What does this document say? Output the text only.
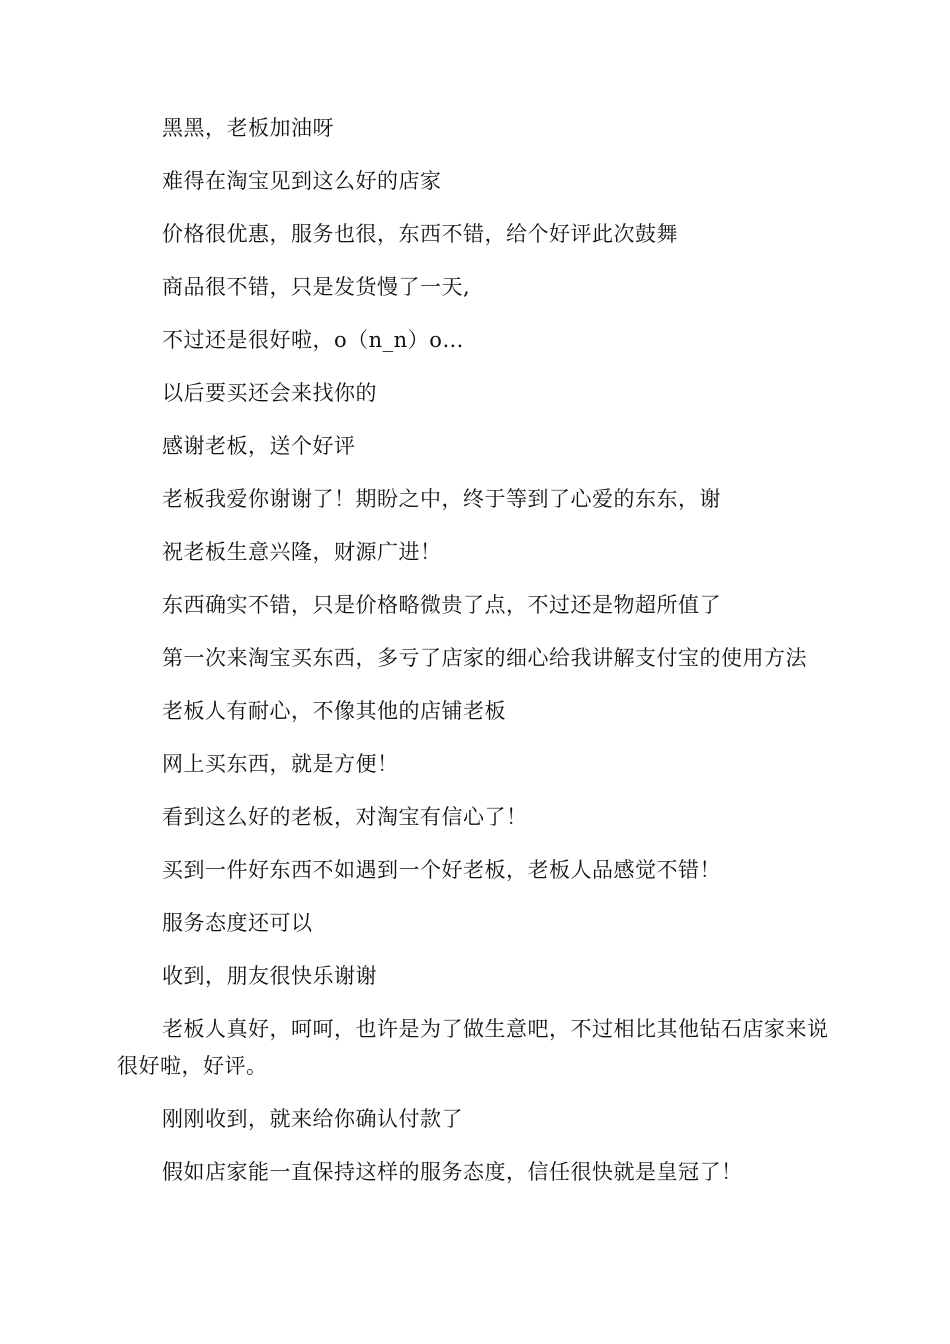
黑黑，老板加油呀

难得在淘宝见到这么好的店家

价格很优惠，服务也很，东西不错，给个好评此次鼓舞

商品很不错，只是发货慢了一天,

不过还是很好啦，o（n_n）o…

以后要买还会来找你的

感谢老板，送个好评

老板我爱你谢谢了！期盼之中，终于等到了心爱的东东，谢

祝老板生意兴隆，财源广进！

东西确实不错，只是价格略微贵了点，不过还是物超所值了

第一次来淘宝买东西，多亏了店家的细心给我讲解支付宝的使用方法

老板人有耐心，不像其他的店铺老板

网上买东西，就是方便！

看到这么好的老板，对淘宝有信心了！

买到一件好东西不如遇到一个好老板，老板人品感觉不错！

服务态度还可以

收到，朋友很快乐谢谢

老板人真好，呵呵，也许是为了做生意吧，不过相比其他钻石店家来说很好啦，好评。

刚刚收到，就来给你确认付款了

假如店家能一直保持这样的服务态度，信任很快就是皇冠了！
